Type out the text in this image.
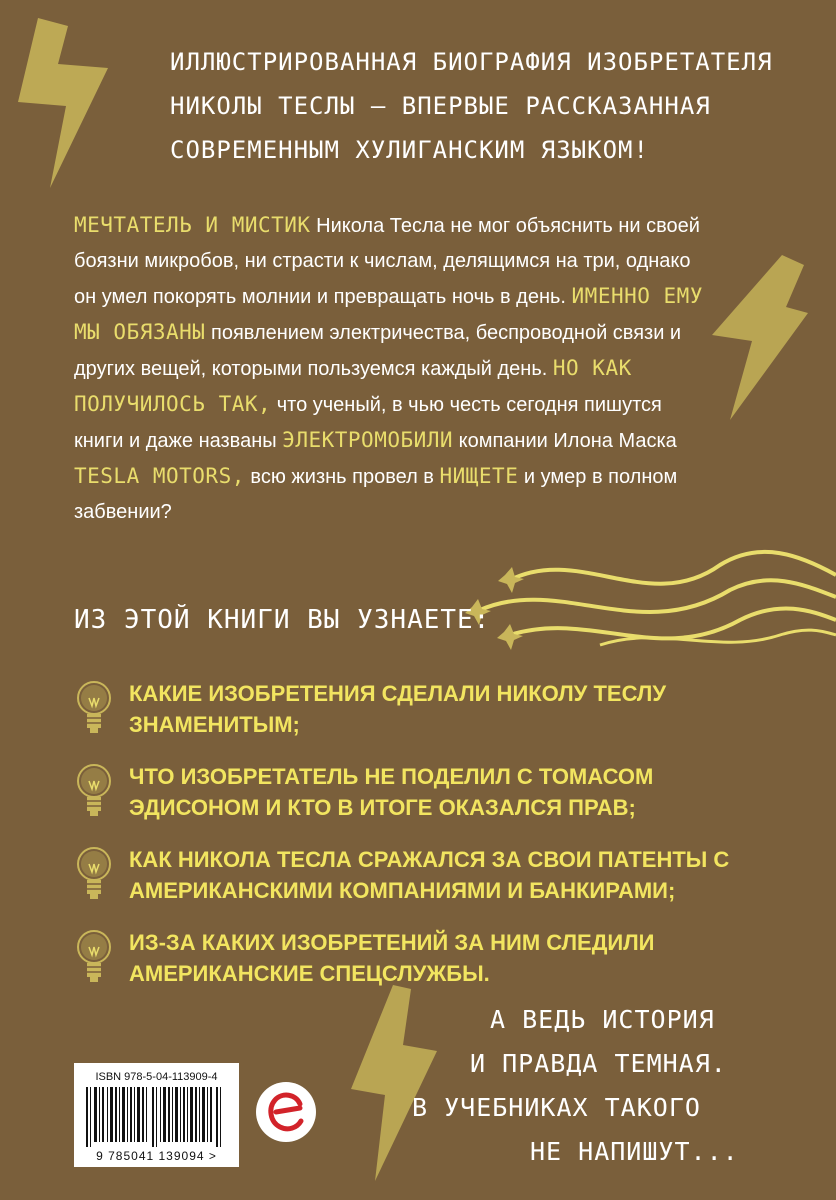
ИЛЛЮСТРИРОВАННАЯ БИОГРАФИЯ ИЗОБРЕТАТЕЛЯ
НИКОЛЫ ТЕСЛЫ — ВПЕРВЫЕ РАССКАЗАННАЯ
СОВРЕМЕННЫМ ХУЛИГАНСКИМ ЯЗЫКОМ!
МЕЧТАТЕЛЬ И МИСТИК Никола Тесла не мог объяснить ни своей боязни микробов, ни страсти к числам, делящимся на три, однако он умел покорять молнии и превращать ночь в день. ИМЕННО ЕМУ МЫ ОБЯЗАНЫ появлением электричества, беспроводной связи и других вещей, которыми пользуемся каждый день. НО КАК ПОЛУЧИЛОСЬ ТАК, что ученый, в чью честь сегодня пишутся книги и даже названы ЭЛЕКТРОМОБИЛИ компании Илона Маска TESLA MOTORS, всю жизнь провел в НИЩЕТЕ и умер в полном забвении?
ИЗ ЭТОЙ КНИГИ ВЫ УЗНАЕТЕ:
КАКИЕ ИЗОБРЕТЕНИЯ СДЕЛАЛИ НИКОЛУ ТЕСЛУ ЗНАМЕНИТЫМ;
ЧТО ИЗОБРЕТАТЕЛЬ НЕ ПОДЕЛИЛ С ТОМАСОМ ЭДИСОНОМ И КТО В ИТОГЕ ОКАЗАЛСЯ ПРАВ;
КАК НИКОЛА ТЕСЛА СРАЖАЛСЯ ЗА СВОИ ПАТЕНТЫ С АМЕРИКАНСКИМИ КОМПАНИЯМИ И БАНКИРАМИ;
ИЗ-ЗА КАКИХ ИЗОБРЕТЕНИЙ ЗА НИМ СЛЕДИЛИ АМЕРИКАНСКИЕ СПЕЦСЛУЖБЫ.
А ВЕДЬ ИСТОРИЯ
И ПРАВДА ТЕМНАЯ.
В УЧЕБНИКАХ ТАКОГО
НЕ НАПИШУТ...
ISBN 978-5-04-113909-4
9 785041 139094 >
